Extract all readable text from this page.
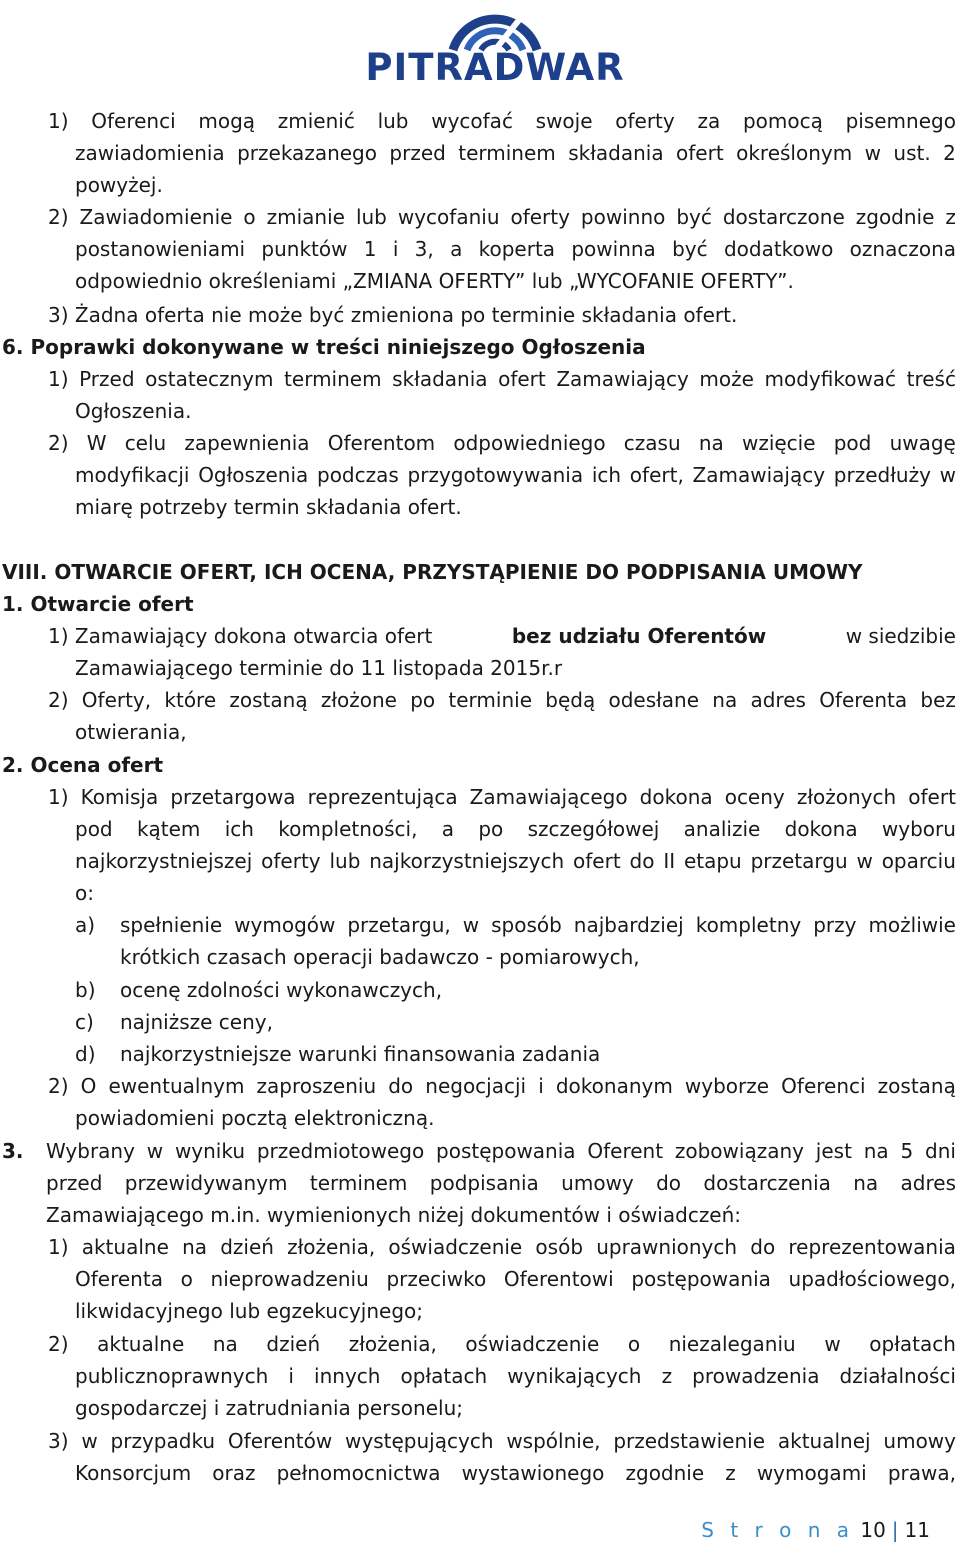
PITRADWAR
1) Oferenci mogą zmienić lub wycofać swoje oferty za pomocą pisemnego
zawiadomienia przekazanego przed terminem składania ofert określonym w ust. 2
powyżej.
2) Zawiadomienie o zmianie lub wycofaniu oferty powinno być dostarczone zgodnie z
postanowieniami punktów 1 i 3, a koperta powinna być dodatkowo oznaczona
odpowiednio określeniami „ZMIANA OFERTY” lub „WYCOFANIE OFERTY”.
3) Żadna oferta nie może być zmieniona po terminie składania ofert.
6. Poprawki dokonywane w treści niniejszego Ogłoszenia
1) Przed ostatecznym terminem składania ofert Zamawiający może modyfikować treść
Ogłoszenia.
2) W celu zapewnienia Oferentom odpowiedniego czasu na wzięcie pod uwagę
modyfikacji Ogłoszenia podczas przygotowywania ich ofert, Zamawiający przedłuży w
miarę potrzeby termin składania ofert.
VIII. OTWARCIE OFERT, ICH OCENA, PRZYSTĄPIENIE DO PODPISANIA UMOWY
1. Otwarcie ofert
1) Zamawiający dokona otwarcia ofert	bez udziału Oferentów	w siedzibie
Zamawiającego terminie do 11 listopada 2015r.r
2) Oferty, które zostaną złożone po terminie będą odesłane na adres Oferenta bez
otwierania,
2. Ocena ofert
1) Komisja przetargowa reprezentująca Zamawiającego dokona oceny złożonych ofert
pod kątem ich kompletności, a po szczegółowej analizie dokona wyboru
najkorzystniejszej oferty lub najkorzystniejszych ofert do II etapu przetargu w oparciu
o:
a) spełnienie wymogów przetargu, w sposób najbardziej kompletny przy możliwie
krótkich czasach operacji badawczo - pomiarowych,
b) ocenę zdolności wykonawczych,
c) najniższe ceny,
d) najkorzystniejsze warunki finansowania zadania
2) O ewentualnym zaproszeniu do negocjacji i dokonanym wyborze Oferenci zostaną
powiadomieni pocztą elektroniczną.
3. Wybrany w wyniku przedmiotowego postępowania Oferent zobowiązany jest na 5 dni
przed przewidywanym terminem podpisania umowy do dostarczenia na adres
Zamawiającego m.in. wymienionych niżej dokumentów i oświadczeń:
1) aktualne na dzień złożenia, oświadczenie osób uprawnionych do reprezentowania
Oferenta o nieprowadzeniu przeciwko Oferentowi postępowania upadłościowego,
likwidacyjnego lub egzekucyjnego;
2) aktualne na dzień złożenia, oświadczenie o niezaleganiu w opłatach
publicznoprawnych i innych opłatach wynikających z prowadzenia działalności
gospodarczej i zatrudniania personelu;
3) w przypadku Oferentów występujących wspólnie, przedstawienie aktualnej umowy
Konsorcjum oraz pełnomocnictwa wystawionego zgodnie z wymogami prawa,
S t r o n a 10 | 11
